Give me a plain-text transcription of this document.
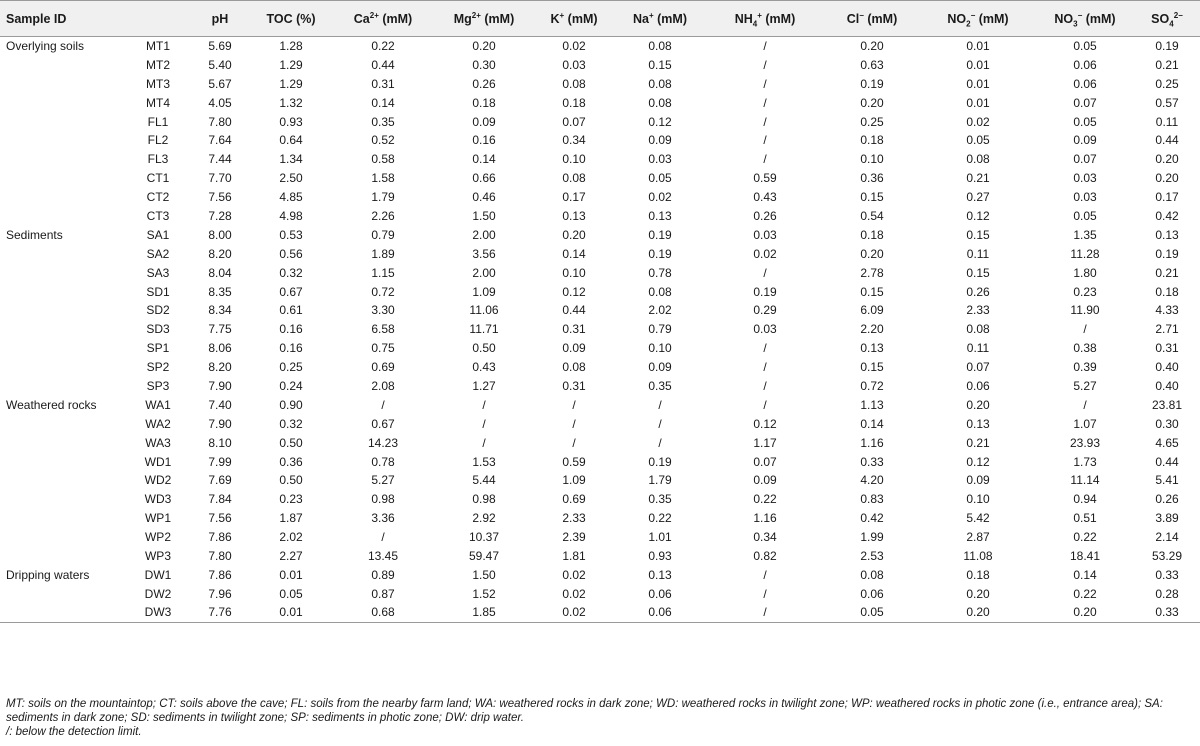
Sample ID		pH	TOC (%)	$Ca^{2+}$ (mM)	$Mg^{2+}$ (mM)	K+ (mM)	Na+ (mM)	$NH_4^+$ (mM)	Cl− (mM)	$NO_2^-$ (mM)	$NO_3^-$ (mM)	$SO_4^{2-}$
Overlying soils	MT1	5.69	1.28	0.22	0.20	0.02	0.08	/	0.20	0.01	0.05	0.19
	MT2	5.40	1.29	0.44	0.30	0.03	0.15	/	0.63	0.01	0.06	0.21
	MT3	5.67	1.29	0.31	0.26	0.08	0.08	/	0.19	0.01	0.06	0.25
	MT4	4.05	1.32	0.14	0.18	0.18	0.08	/	0.20	0.01	0.07	0.57
	FL1	7.80	0.93	0.35	0.09	0.07	0.12	/	0.25	0.02	0.05	0.11
	FL2	7.64	0.64	0.52	0.16	0.34	0.09	/	0.18	0.05	0.09	0.44
	FL3	7.44	1.34	0.58	0.14	0.10	0.03	/	0.10	0.08	0.07	0.20
	CT1	7.70	2.50	1.58	0.66	0.08	0.05	0.59	0.36	0.21	0.03	0.20
	CT2	7.56	4.85	1.79	0.46	0.17	0.02	0.43	0.15	0.27	0.03	0.17
	CT3	7.28	4.98	2.26	1.50	0.13	0.13	0.26	0.54	0.12	0.05	0.42
Sediments	SA1	8.00	0.53	0.79	2.00	0.20	0.19	0.03	0.18	0.15	1.35	0.13
	SA2	8.20	0.56	1.89	3.56	0.14	0.19	0.02	0.20	0.11	11.28	0.19
	SA3	8.04	0.32	1.15	2.00	0.10	0.78	/	2.78	0.15	1.80	0.21
	SD1	8.35	0.67	0.72	1.09	0.12	0.08	0.19	0.15	0.26	0.23	0.18
	SD2	8.34	0.61	3.30	11.06	0.44	2.02	0.29	6.09	2.33	11.90	4.33
	SD3	7.75	0.16	6.58	11.71	0.31	0.79	0.03	2.20	0.08	/	2.71
	SP1	8.06	0.16	0.75	0.50	0.09	0.10	/	0.13	0.11	0.38	0.31
	SP2	8.20	0.25	0.69	0.43	0.08	0.09	/	0.15	0.07	0.39	0.40
	SP3	7.90	0.24	2.08	1.27	0.31	0.35	/	0.72	0.06	5.27	0.40
Weathered rocks	WA1	7.40	0.90	/	/	/	/	/	1.13	0.20	/	23.81
	WA2	7.90	0.32	0.67	/	/	/	0.12	0.14	0.13	1.07	0.30
	WA3	8.10	0.50	14.23	/	/	/	1.17	1.16	0.21	23.93	4.65
	WD1	7.99	0.36	0.78	1.53	0.59	0.19	0.07	0.33	0.12	1.73	0.44
	WD2	7.69	0.50	5.27	5.44	1.09	1.79	0.09	4.20	0.09	11.14	5.41
	WD3	7.84	0.23	0.98	0.98	0.69	0.35	0.22	0.83	0.10	0.94	0.26
	WP1	7.56	1.87	3.36	2.92	2.33	0.22	1.16	0.42	5.42	0.51	3.89
	WP2	7.86	2.02	/	10.37	2.39	1.01	0.34	1.99	2.87	0.22	2.14
	WP3	7.80	2.27	13.45	59.47	1.81	0.93	0.82	2.53	11.08	18.41	53.29
Dripping waters	DW1	7.86	0.01	0.89	1.50	0.02	0.13	/	0.08	0.18	0.14	0.33
	DW2	7.96	0.05	0.87	1.52	0.02	0.06	/	0.06	0.20	0.22	0.28
	DW3	7.76	0.01	0.68	1.85	0.02	0.06	/	0.05	0.20	0.20	0.33

MT: soils on the mountaintop; CT: soils above the cave; FL: soils from the nearby farm land; WA: weathered rocks in dark zone; WD: weathered rocks in twilight zone; WP: weathered rocks in photic zone (i.e., entrance area); SA: sediments in dark zone; SD: sediments in twilight zone; SP: sediments in photic zone; DW: drip water.

/: below the detection limit.
